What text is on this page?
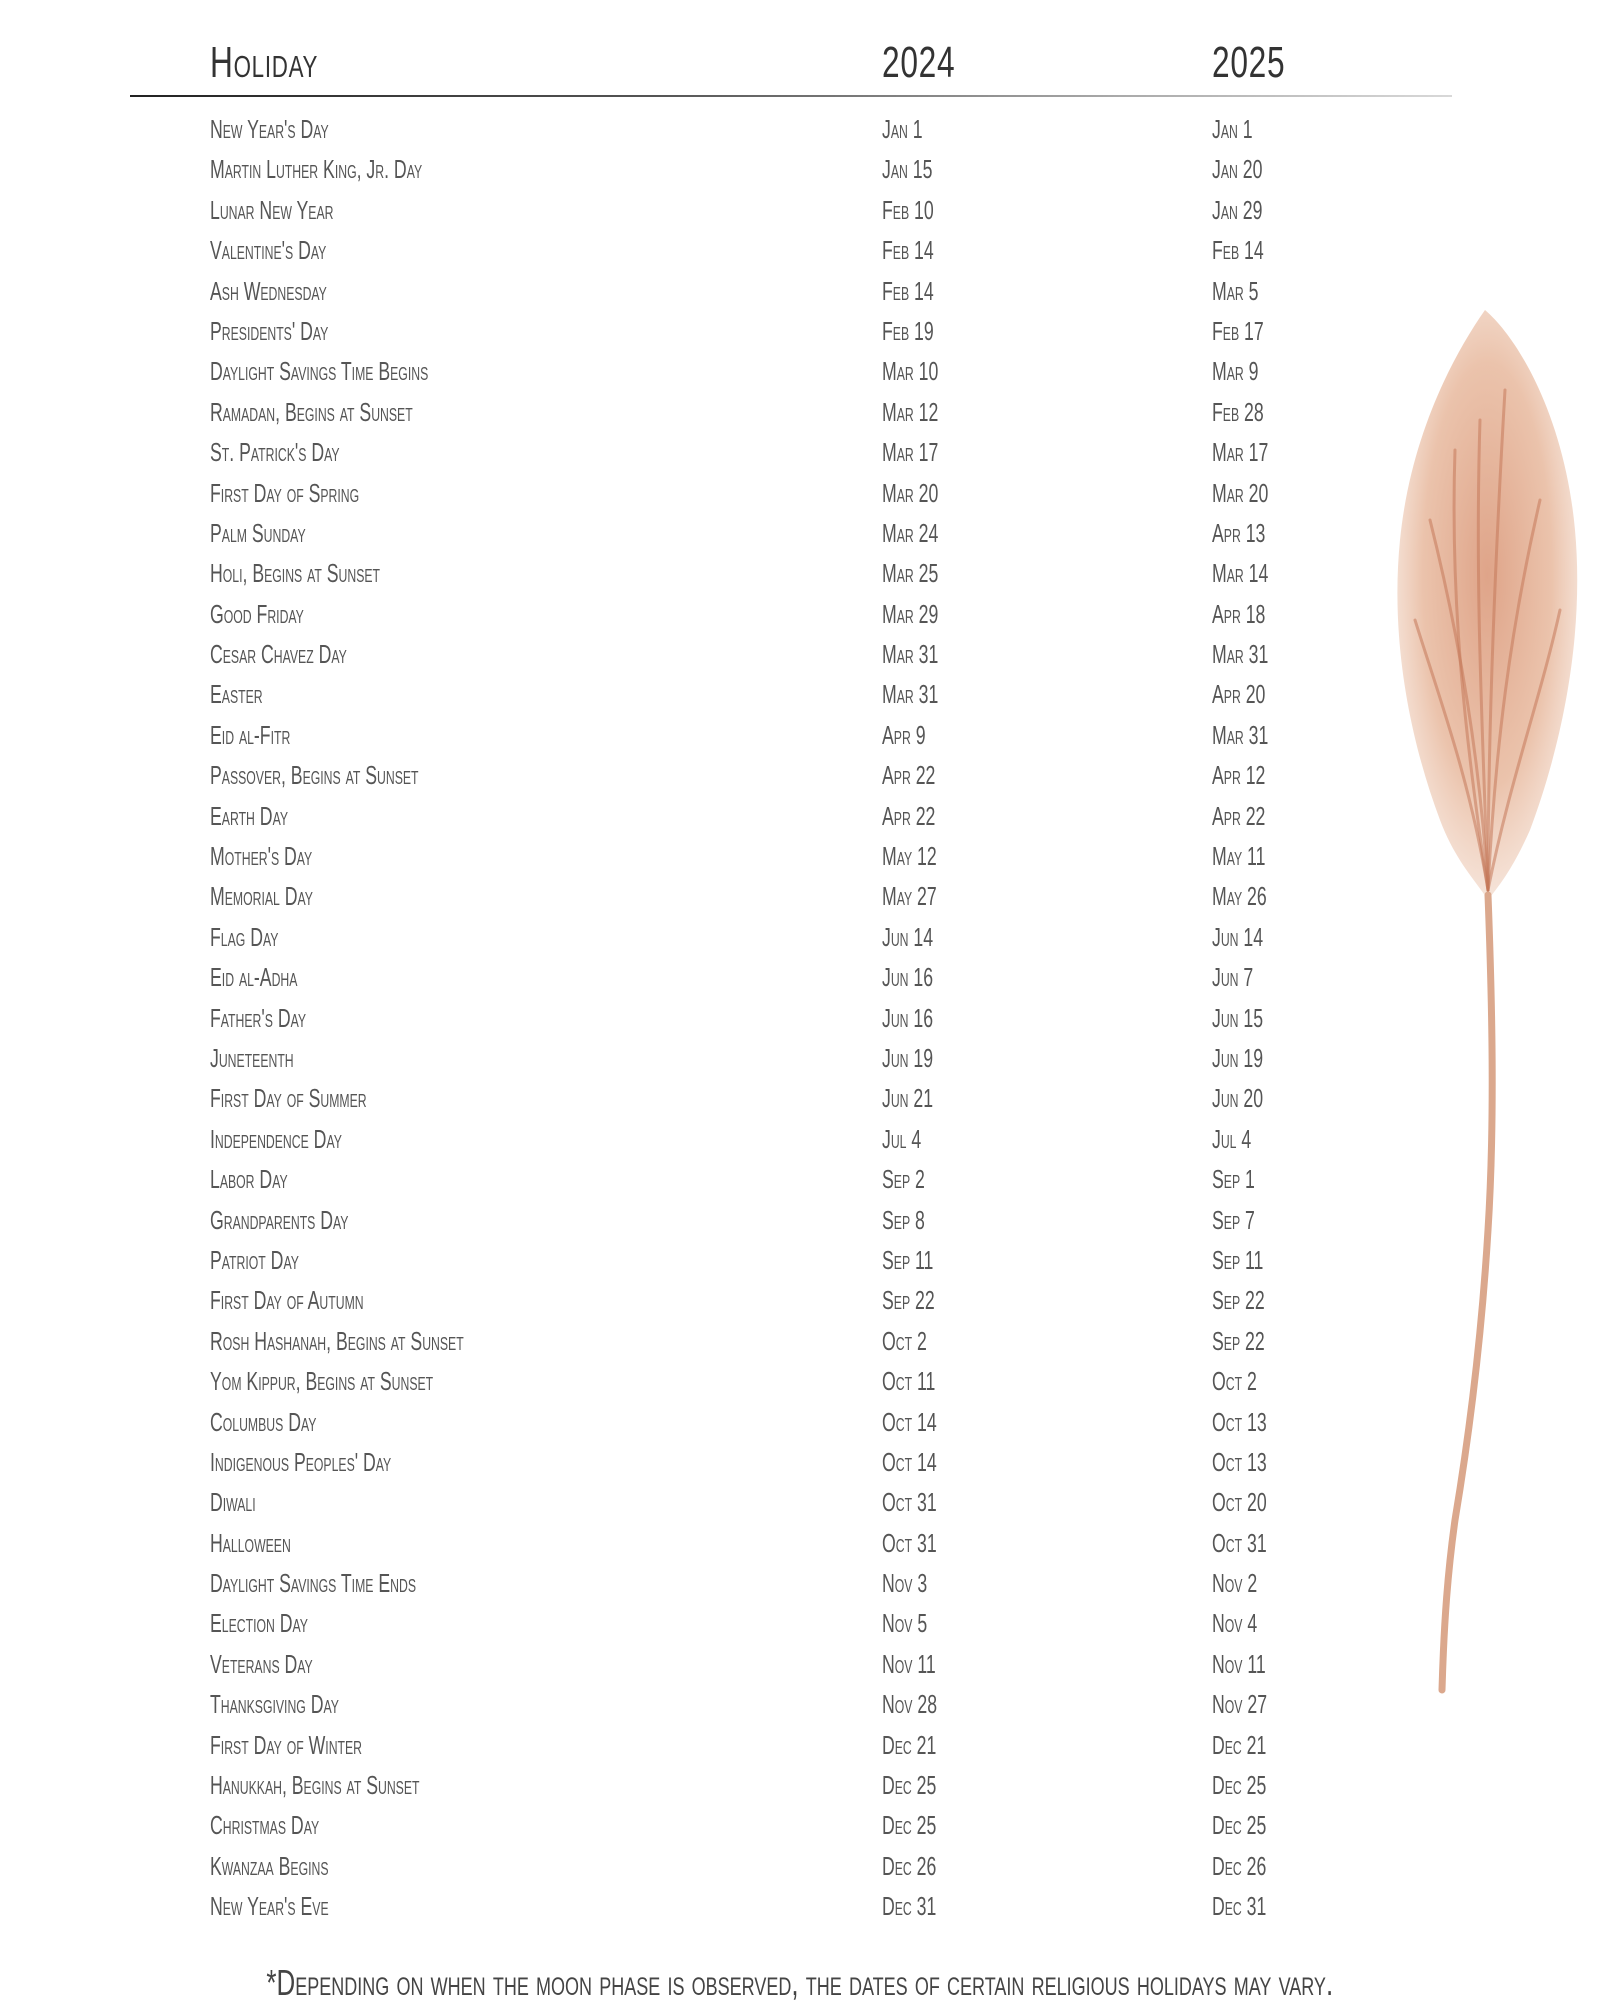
Holiday	2024	2025
New Year's Day	Jan 1	Jan 1
Martin Luther King, Jr. Day	Jan 15	Jan 20
Lunar New Year	Feb 10	Jan 29
Valentine's Day	Feb 14	Feb 14
Ash Wednesday	Feb 14	Mar 5
Presidents' Day	Feb 19	Feb 17
Daylight Savings Time Begins	Mar 10	Mar 9
Ramadan, Begins at Sunset	Mar 12	Feb 28
St. Patrick's Day	Mar 17	Mar 17
First Day of Spring	Mar 20	Mar 20
Palm Sunday	Mar 24	Apr 13
Holi, Begins at Sunset	Mar 25	Mar 14
Good Friday	Mar 29	Apr 18
Cesar Chavez Day	Mar 31	Mar 31
Easter	Mar 31	Apr 20
Eid al-Fitr	Apr 9	Mar 31
Passover, Begins at Sunset	Apr 22	Apr 12
Earth Day	Apr 22	Apr 22
Mother's Day	May 12	May 11
Memorial Day	May 27	May 26
Flag Day	Jun 14	Jun 14
Eid al-Adha	Jun 16	Jun 7
Father's Day	Jun 16	Jun 15
Juneteenth	Jun 19	Jun 19
First Day of Summer	Jun 21	Jun 20
Independence Day	Jul 4	Jul 4
Labor Day	Sep 2	Sep 1
Grandparents Day	Sep 8	Sep 7
Patriot Day	Sep 11	Sep 11
First Day of Autumn	Sep 22	Sep 22
Rosh Hashanah, Begins at Sunset	Oct 2	Sep 22
Yom Kippur, Begins at Sunset	Oct 11	Oct 2
Columbus Day	Oct 14	Oct 13
Indigenous Peoples' Day	Oct 14	Oct 13
Diwali	Oct 31	Oct 20
Halloween	Oct 31	Oct 31
Daylight Savings Time Ends	Nov 3	Nov 2
Election Day	Nov 5	Nov 4
Veterans Day	Nov 11	Nov 11
Thanksgiving Day	Nov 28	Nov 27
First Day of Winter	Dec 21	Dec 21
Hanukkah, Begins at Sunset	Dec 25	Dec 25
Christmas Day	Dec 25	Dec 25
Kwanzaa Begins	Dec 26	Dec 26
New Year's Eve	Dec 31	Dec 31
*Depending on when the moon phase is observed, the dates of certain religious holidays may vary.
